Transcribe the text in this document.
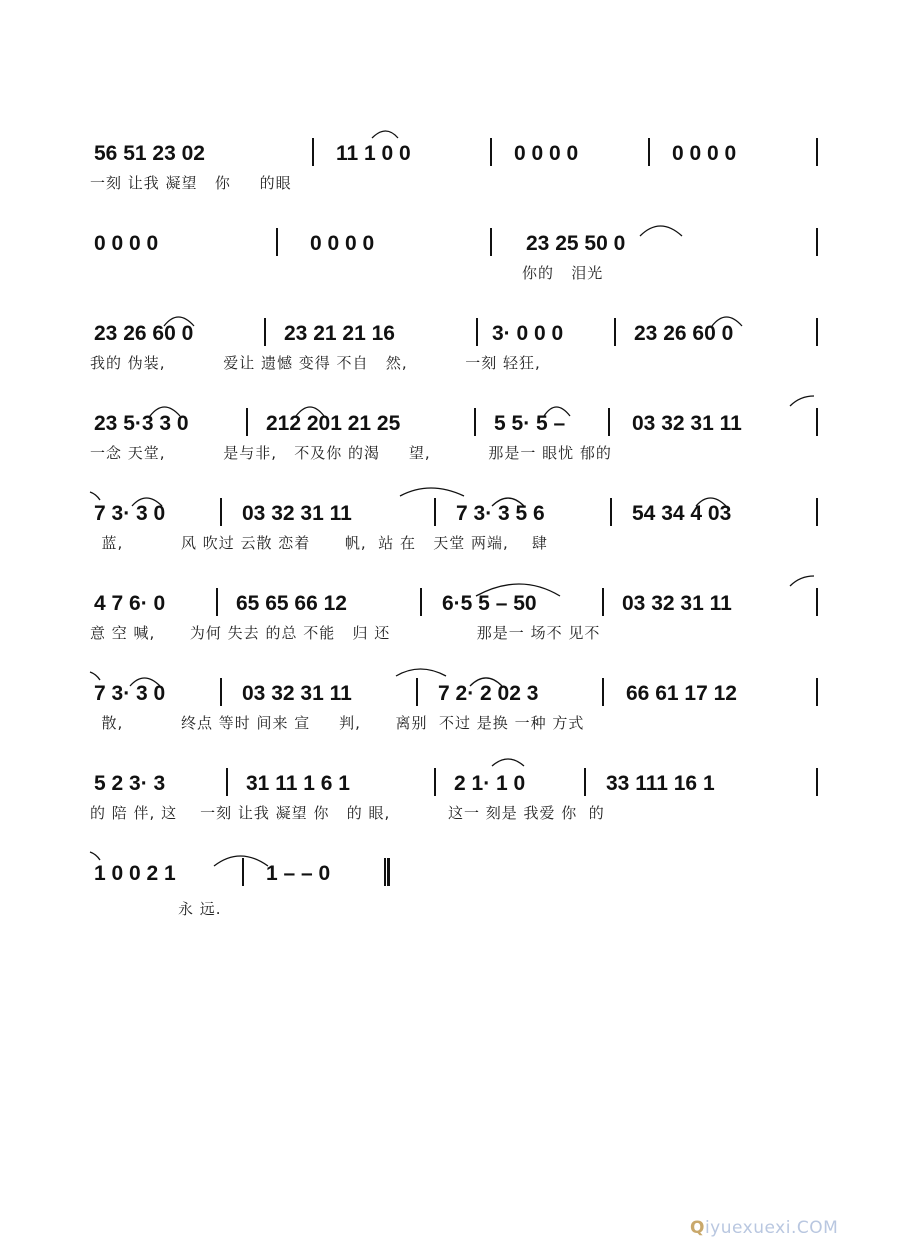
56 51 23 02	11 1 0 0	0 0 0 0	0 0 0 0
一刻 让我 凝望   你     的眼
0 0 0 0	0 0 0 0	23 25 50 0
你的   泪光
23 26 60 0	23 21 21 16	3· 0 0 0	23 26 60 0
我的 伪装,          爱让 遗憾 变得 不自   然,          一刻 轻狂,
23 5·3 3 0	212 201 21 25	5 5· 5 –	03 32 31 11
一念 天堂,          是与非,   不及你 的渴     望,          那是一 眼忧 郁的
7 3· 3 0	03 32 31 11	7 3· 3 5 6	54 34 4 03
蓝,          风 吹过 云散 恋着      帆,  站 在   天堂 两端,    肆
4 7 6· 0	65 65 66 12	6·5 5 – 50	03 32 31 11
意 空 喊,      为何 失去 的总 不能   归 还               那是一 场不 见不
7 3· 3 0	03 32 31 11	7 2· 2 02 3	66 61 17 12
散,          终点 等时 间来 宣     判,      离别  不过 是换 一种 方式
5 2 3· 3	31 11 1 6 1	2 1· 1 0	33 111 16 1
的 陪 伴, 这    一刻 让我 凝望 你   的 眼,          这一 刻是 我爱 你  的
1 0 0 2 1	1 – – 0
永 远.
Qiyuexuexi.COM
